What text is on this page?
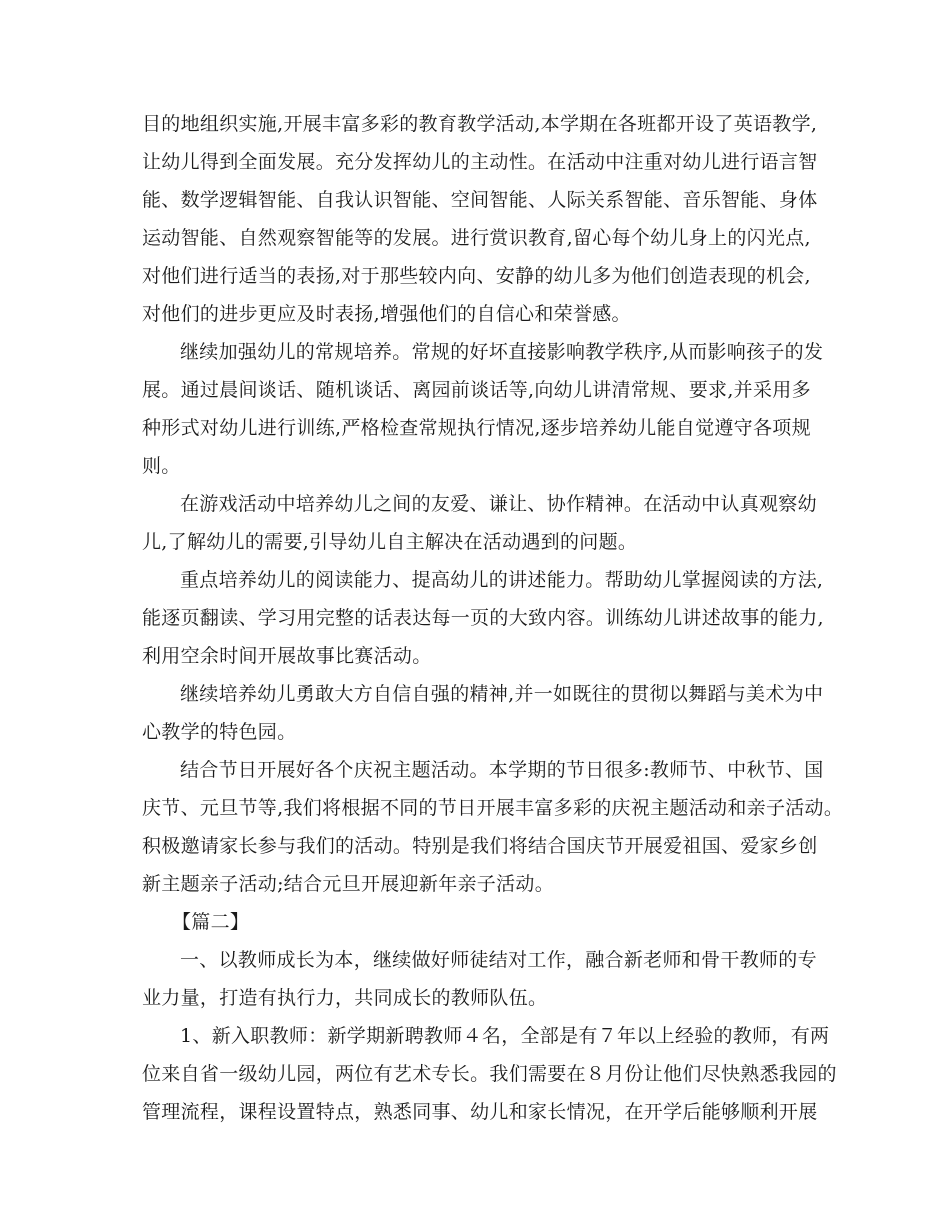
目的地组织实施,开展丰富多彩的教育教学活动,本学期在各班都开设了英语教学,
让幼儿得到全面发展。充分发挥幼儿的主动性。在活动中注重对幼儿进行语言智
能、数学逻辑智能、自我认识智能、空间智能、人际关系智能、音乐智能、身体
运动智能、自然观察智能等的发展。进行赏识教育,留心每个幼儿身上的闪光点,
对他们进行适当的表扬,对于那些较内向、安静的幼儿多为他们创造表现的机会,
对他们的进步更应及时表扬,增强他们的自信心和荣誉感。
继续加强幼儿的常规培养。常规的好坏直接影响教学秩序,从而影响孩子的发
展。通过晨间谈话、随机谈话、离园前谈话等,向幼儿讲清常规、要求,并采用多
种形式对幼儿进行训练,严格检查常规执行情况,逐步培养幼儿能自觉遵守各项规
则。
在游戏活动中培养幼儿之间的友爱、谦让、协作精神。在活动中认真观察幼
儿,了解幼儿的需要,引导幼儿自主解决在活动遇到的问题。
重点培养幼儿的阅读能力、提高幼儿的讲述能力。帮助幼儿掌握阅读的方法,
能逐页翻读、学习用完整的话表达每一页的大致内容。训练幼儿讲述故事的能力,
利用空余时间开展故事比赛活动。
继续培养幼儿勇敢大方自信自强的精神,并一如既往的贯彻以舞蹈与美术为中
心教学的特色园。
结合节日开展好各个庆祝主题活动。本学期的节日很多:教师节、中秋节、国
庆节、元旦节等,我们将根据不同的节日开展丰富多彩的庆祝主题活动和亲子活动。
积极邀请家长参与我们的活动。特别是我们将结合国庆节开展爱祖国、爱家乡创
新主题亲子活动;结合元旦开展迎新年亲子活动。
【篇二】
一、以教师成长为本，继续做好师徒结对工作，融合新老师和骨干教师的专
业力量，打造有执行力，共同成长的教师队伍。
1、新入职教师：新学期新聘教师４名，全部是有７年以上经验的教师，有两
位来自省一级幼儿园，两位有艺术专长。我们需要在８月份让他们尽快熟悉我园的
管理流程，课程设置特点，熟悉同事、幼儿和家长情况，在开学后能够顺利开展
